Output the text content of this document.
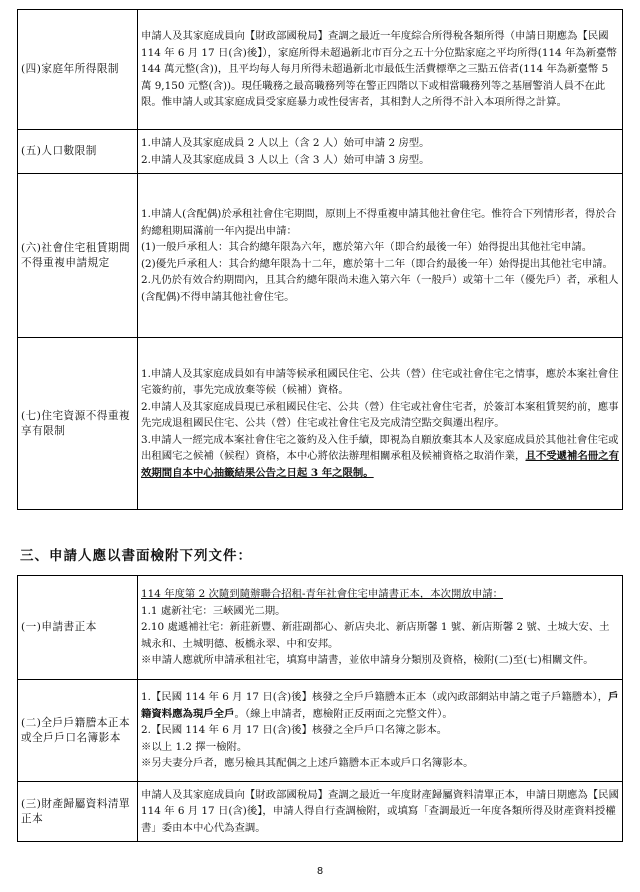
(四)家庭年所得限制	申請人及其家庭成員向【財政部國稅局】查調之最近一年度綜合所得稅各類所得（申請日期應為【民國 114 年 6 月 17 日(含)後】），家庭所得未超過新北市百分之五十分位點家庭之平均所得(114 年為新臺幣 144 萬元整(含))，且平均每人每月所得未超過新北市最低生活費標準之三點五倍者(114 年為新臺幣 5 萬 9,150 元整(含))。現任職務之最高職務列等在警正四階以下或相當職務列等之基層警消人員不在此限。惟申請人或其家庭成員受家庭暴力或性侵害者，其相對人之所得不計入本項所得之計算。

(五)人口數限制	1.申請人及其家庭成員 2 人以上（含 2 人）始可申請 2 房型。
2.申請人及其家庭成員 3 人以上（含 3 人）始可申請 3 房型。

(六)社會住宅租賃期間不得重複申請規定	1.申請人(含配偶)於承租社會住宅期間，原則上不得重複申請其他社會住宅。惟符合下列情形者，得於合約總租期屆滿前一年內提出申請：
(1)一般戶承租人：其合約總年限為六年，應於第六年（即合約最後一年）始得提出其他社宅申請。
(2)優先戶承租人：其合約總年限為十二年，應於第十二年（即合約最後一年）始得提出其他社宅申請。
2.凡仍於有效合約期間內，且其合約總年限尚未進入第六年（一般戶）或第十二年（優先戶）者，承租人(含配偶)不得申請其他社會住宅。

(七)住宅資源不得重複享有限制	1.申請人及其家庭成員如有申請等候承租國民住宅、公共（營）住宅或社會住宅之情事，應於本案社會住宅簽約前，事先完成放棄等候（候補）資格。
2.申請人及其家庭成員現已承租國民住宅、公共（營）住宅或社會住宅者，於簽訂本案租賃契約前，應事先完成退租國民住宅、公共（營）住宅或社會住宅及完成清空點交與遷出程序。
3.申請人一經完成本案社會住宅之簽約及入住手續，即視為自願放棄其本人及家庭成員於其他社會住宅或出租國宅之候補（候程）資格，本中心將依法辦理相關承租及候補資格之取消作業，且不受遞補名冊之有效期間自本中心抽籤結果公告之日起 3 年之限制。
三、申請人應以書面檢附下列文件：
(一)申請書正本	114 年度第 2 次隨到隨辦聯合招租-青年社會住宅申請書正本，本次開放申請：
1.1 處新社宅：三峽國光二期。
2.10 處遞補社宅：新莊新豐、新莊副都心、新店央北、新店斯馨 1 號、新店斯馨 2 號、土城大安、土城永和、土城明德、板橋永翠、中和安邦。
※申請人應就所申請承租社宅，填寫申請書，並依申請身分類別及資格，檢附(二)至(七)相關文件。

(二)全戶戶籍謄本正本或全戶戶口名簿影本	1.【民國 114 年 6 月 17 日(含)後】核發之全戶戶籍謄本正本（或內政部網站申請之電子戶籍謄本），戶籍資料應為現戶全戶。（線上申請者，應檢附正反兩面之完整文件）。
2.【民國 114 年 6 月 17 日(含)後】核發之全戶戶口名簿之影本。
※以上 1.2 擇一檢附。
※另夫妻分戶者，應另檢具其配偶之上述戶籍謄本正本或戶口名簿影本。

(三)財產歸屬資料清單正本	申請人及其家庭成員向【財政部國稅局】查調之最近一年度財產歸屬資料清單正本，申請日期應為【民國 114 年 6 月 17 日(含)後】，申請人得自行查調檢附，或填寫「查調最近一年度各類所得及財產資料授權書」委由本中心代為查調。
8
